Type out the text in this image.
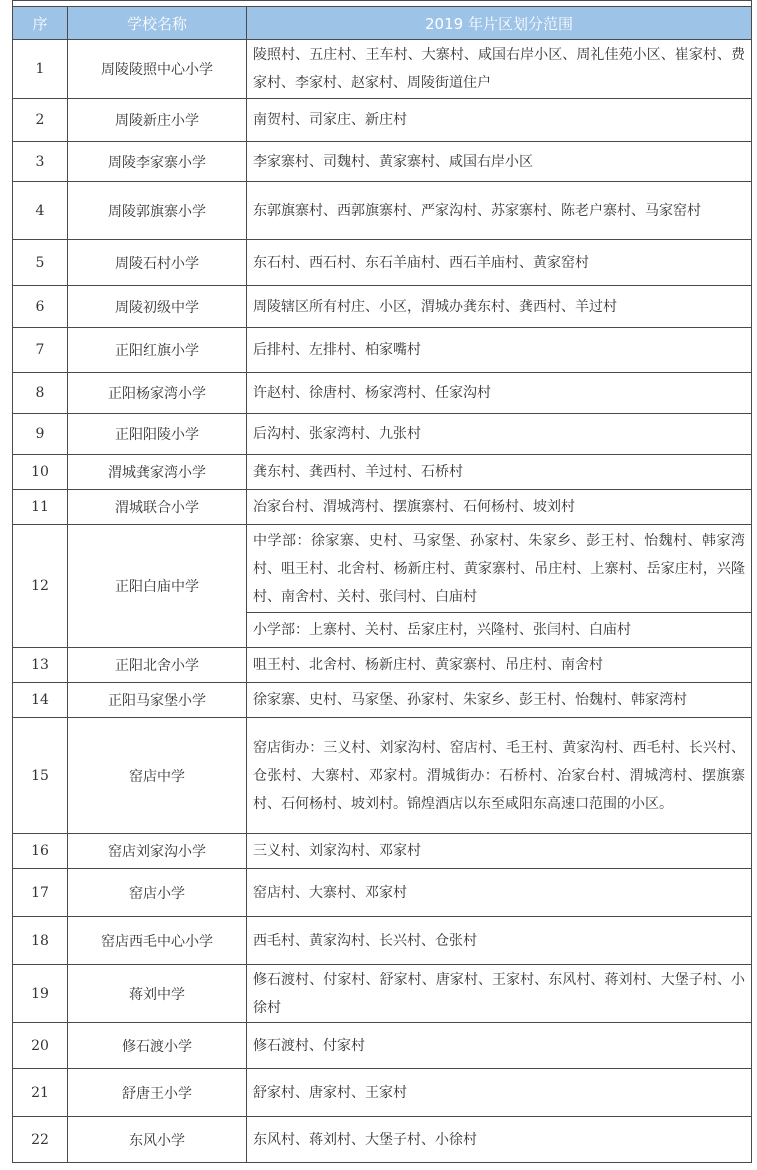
序	学校名称	2019 年片区划分范围
1	周陵陵照中心小学	陵照村、五庄村、王车村、大寨村、咸国右岸小区、周礼佳苑小区、崔家村、费家村、李家村、赵家村、周陵街道住户
2	周陵新庄小学	南贺村、司家庄、新庄村
3	周陵李家寨小学	李家寨村、司魏村、黄家寨村、咸国右岸小区
4	周陵郭旗寨小学	东郭旗寨村、西郭旗寨村、严家沟村、苏家寨村、陈老户寨村、马家窑村
5	周陵石村小学	东石村、西石村、东石羊庙村、西石羊庙村、黄家窑村
6	周陵初级中学	周陵辖区所有村庄、小区，渭城办龚东村、龚西村、羊过村
7	正阳红旗小学	后排村、左排村、柏家嘴村
8	正阳杨家湾小学	许赵村、徐唐村、杨家湾村、任家沟村
9	正阳阳陵小学	后沟村、张家湾村、九张村
10	渭城龚家湾小学	龚东村、龚西村、羊过村、石桥村
11	渭城联合小学	冶家台村、渭城湾村、摆旗寨村、石何杨村、坡刘村
12	正阳白庙中学	中学部：徐家寨、史村、马家堡、孙家村、朱家乡、彭王村、怡魏村、韩家湾村、咀王村、北舍村、杨新庄村、黄家寨村、吊庄村、上寨村、岳家庄村，兴隆村、南舍村、关村、张闫村、白庙村
		小学部：上寨村、关村、岳家庄村，兴隆村、张闫村、白庙村
13	正阳北舍小学	咀王村、北舍村、杨新庄村、黄家寨村、吊庄村、南舍村
14	正阳马家堡小学	徐家寨、史村、马家堡、孙家村、朱家乡、彭王村、怡魏村、韩家湾村
15	窑店中学	窑店街办：三义村、刘家沟村、窑店村、毛王村、黄家沟村、西毛村、长兴村、仓张村、大寨村、邓家村。渭城街办：石桥村、冶家台村、渭城湾村、摆旗寨村、石何杨村、坡刘村。锦煌酒店以东至咸阳东高速口范围的小区。
16	窑店刘家沟小学	三义村、刘家沟村、邓家村
17	窑店小学	窑店村、大寨村、邓家村
18	窑店西毛中心小学	西毛村、黄家沟村、长兴村、仓张村
19	蒋刘中学	修石渡村、付家村、舒家村、唐家村、王家村、东风村、蒋刘村、大堡子村、小徐村
20	修石渡小学	修石渡村、付家村
21	舒唐王小学	舒家村、唐家村、王家村
22	东风小学	东风村、蒋刘村、大堡子村、小徐村
